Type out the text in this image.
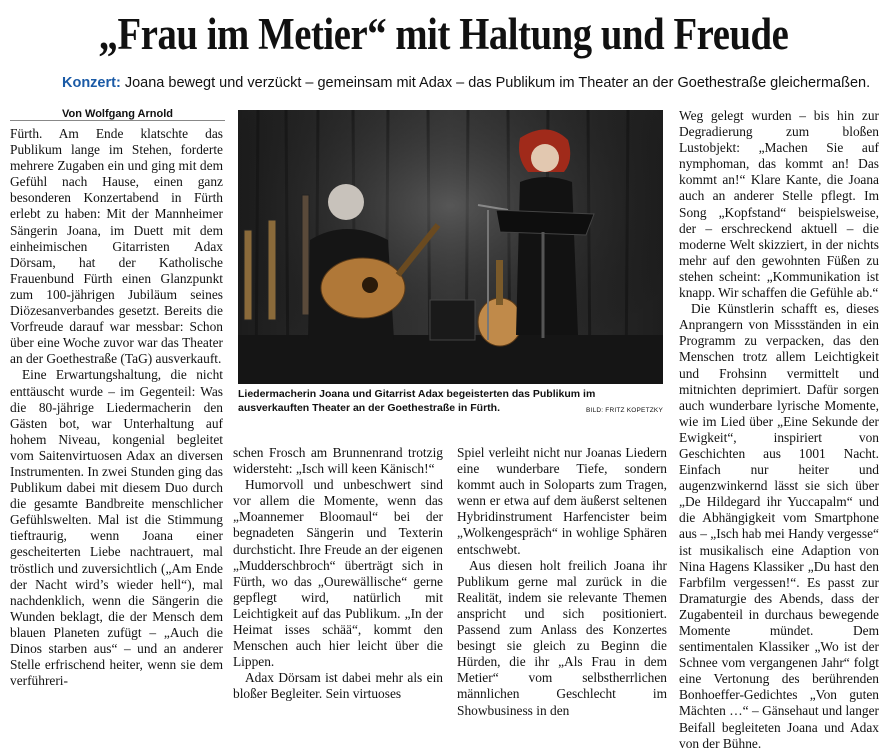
„Frau im Metier“ mit Haltung und Freude
Konzert: Joana bewegt und verzückt – gemeinsam mit Adax – das Publikum im Theater an der Goethestraße gleichermaßen.
Von Wolfgang Arnold

Fürth. Am Ende klatschte das Publikum lange im Stehen, forderte mehrere Zugaben ein und ging mit dem Gefühl nach Hause, einen ganz besonderen Konzertabend in Fürth erlebt zu haben: Mit der Mannheimer Sängerin Joana, im Duett mit dem einheimischen Gitarristen Adax Dörsam, hat der Katholische Frauenbund Fürth einen Glanzpunkt zum 100-jährigen Jubiläum seines Diözesanverbandes gesetzt. Bereits die Vorfreude darauf war messbar: Schon über eine Woche zuvor war das Theater an der Goethestraße (TaG) ausverkauft.

Eine Erwartungshaltung, die nicht enttäuscht wurde – im Gegenteil: Was die 80-jährige Liedermacherin den Gästen bot, war Unterhaltung auf hohem Niveau, kongenial begleitet vom Saitenvirtuosen Adax an diversen Instrumenten. In zwei Stunden ging das Publikum dabei mit diesem Duo durch die gesamte Bandbreite menschlicher Gefühlswelten. Mal ist die Stimmung tieftraurig, wenn Joana einer gescheiterten Liebe nachtrauert, mal tröstlich und zuversichtlich („Am Ende der Nacht wird’s wieder hell“), mal nachdenklich, wenn die Sängerin die Wunden beklagt, die der Mensch dem blauen Planeten zufügt – „Auch die Dinos starben aus“ – und an anderer Stelle erfrischend heiter, wenn sie dem verführeri-

Liedermacherin Joana und Gitarrist Adax begeisterten das Publikum im ausverkauften Theater an der Goethestraße in Fürth.	BILD: FRITZ KOPETZKY

schen Frosch am Brunnenrand trotzig widersteht: „Isch will keen Känisch!“

Humorvoll und unbeschwert sind vor allem die Momente, wenn das „Moannemer Bloomaul“ bei der begnadeten Sängerin und Texterin durchsticht. Ihre Freude an der eigenen „Mudderschbroch“ überträgt sich in Fürth, wo das „Ourewällische“ gerne gepflegt wird, natürlich mit Leichtigkeit auf das Publikum. „In der Heimat isses schää“, kommt den Menschen auch hier leicht über die Lippen.

Adax Dörsam ist dabei mehr als ein bloßer Begleiter. Sein virtuoses

Spiel verleiht nicht nur Joanas Liedern eine wunderbare Tiefe, sondern kommt auch in Soloparts zum Tragen, wenn er etwa auf dem äußerst seltenen Hybridinstrument Harfencister beim „Wolkengespräch“ in wohlige Sphären entschwebt.

Aus diesen holt freilich Joana ihr Publikum gerne mal zurück in die Realität, indem sie relevante Themen anspricht und sich positioniert. Passend zum Anlass des Konzertes besingt sie gleich zu Beginn die Hürden, die ihr „Als Frau in dem Metier“ vom selbstherrlichen männlichen Geschlecht im Showbusiness in den

Weg gelegt wurden – bis hin zur Degradierung zum bloßen Lustobjekt: „Machen Sie auf nymphoman, das kommt an! Das kommt an!“ Klare Kante, die Joana auch an anderer Stelle pflegt. Im Song „Kopfstand“ beispielsweise, der – erschreckend aktuell – die moderne Welt skizziert, in der nichts mehr auf den gewohnten Füßen zu stehen scheint: „Kommunikation ist knapp. Wir schaffen die Gefühle ab.“

Die Künstlerin schafft es, dieses Anprangern von Missständen in ein Programm zu verpacken, das den Menschen trotz allem Leichtigkeit und Frohsinn vermittelt und mitnichten deprimiert. Dafür sorgen auch wunderbare lyrische Momente, wie im Lied über „Eine Sekunde der Ewigkeit“, inspiriert von Geschichten aus 1001 Nacht. Einfach nur heiter und augenzwinkernd lässt sie sich über „De Hildegard ihr Yuccapalm“ und die Abhängigkeit vom Smartphone aus – „Isch hab mei Handy vergesse“ ist musikalisch eine Adaption von Nina Hagens Klassiker „Du hast den Farbfilm vergessen!“. Es passt zur Dramaturgie des Abends, dass der Zugabenteil in durchaus bewegende Momente mündet. Dem sentimentalen Klassiker „Wo ist der Schnee vom vergangenen Jahr“ folgt eine Vertonung des berührenden Bonhoeffer-Gedichtes „Von guten Mächten …“ – Gänsehaut und langer Beifall begleiteten Joana und Adax von der Bühne.
